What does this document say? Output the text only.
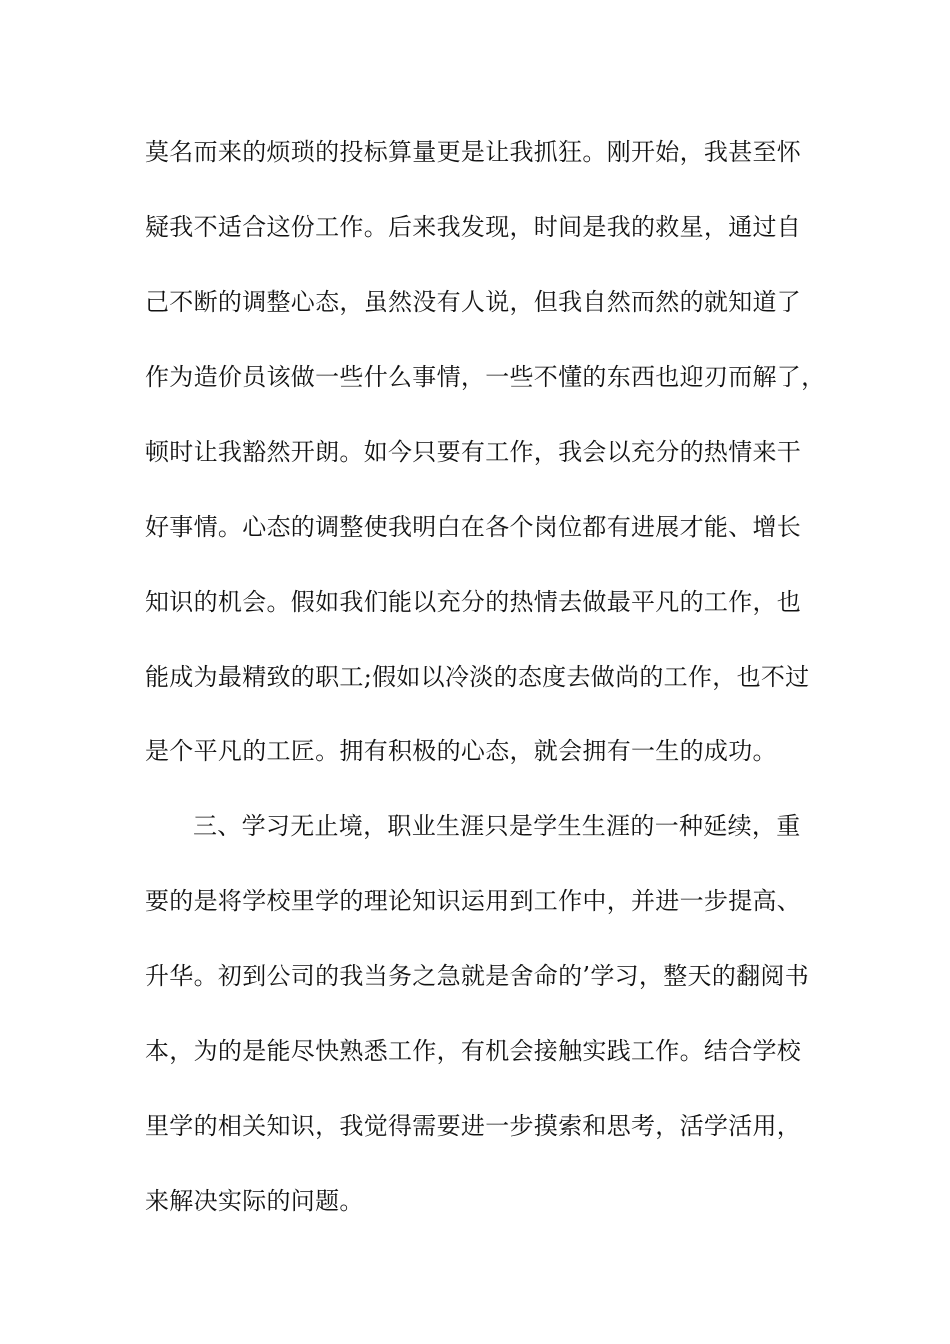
莫名而来的烦琐的投标算量更是让我抓狂。刚开始，我甚至怀
疑我不适合这份工作。后来我发现，时间是我的救星，通过自
己不断的调整心态，虽然没有人说，但我自然而然的就知道了
作为造价员该做一些什么事情，一些不懂的东西也迎刃而解了，
顿时让我豁然开朗。如今只要有工作，我会以充分的热情来干
好事情。心态的调整使我明白在各个岗位都有进展才能、增长
知识的机会。假如我们能以充分的热情去做最平凡的工作，也
能成为最精致的职工;假如以冷淡的态度去做尚的工作，也不过
是个平凡的工匠。拥有积极的心态，就会拥有一生的成功。
三、学习无止境，职业生涯只是学生生涯的一种延续，重
要的是将学校里学的理论知识运用到工作中，并进一步提高、
升华。初到公司的我当务之急就是舍命的’学习，整天的翻阅书
本，为的是能尽快熟悉工作，有机会接触实践工作。结合学校
里学的相关知识，我觉得需要进一步摸索和思考，活学活用，
来解决实际的问题。
